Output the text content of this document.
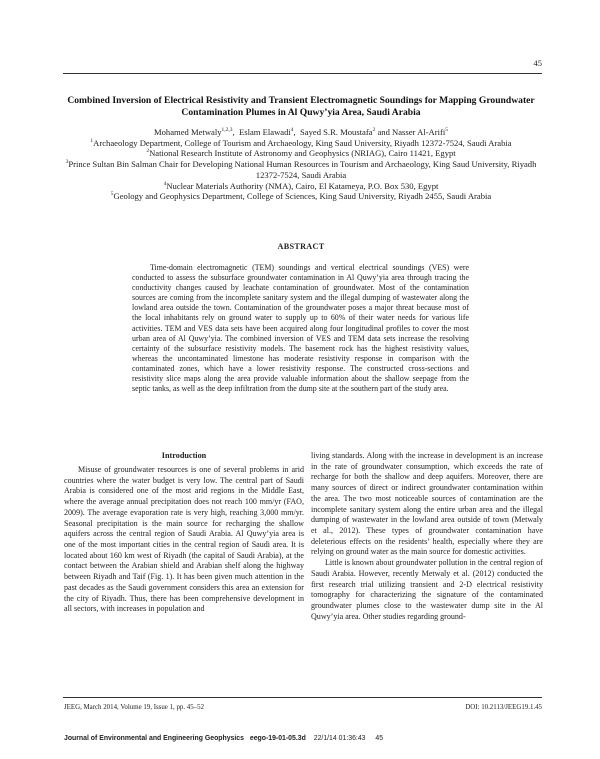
45
Combined Inversion of Electrical Resistivity and Transient Electromagnetic Soundings for Mapping Groundwater Contamination Plumes in Al Quwy’yia Area, Saudi Arabia
Mohamed Metwaly$^{1,2,3}$,  Eslam Elawadi$^4$,  Sayed S.R. Moustafa$^2$ and Nasser Al-Arifi$^5$
$^1$Archaeology Department, College of Tourism and Archaeology, King Saud University, Riyadh 12372-7524, Saudi Arabia
$^2$National Research Institute of Astronomy and Geophysics (NRIAG), Cairo 11421, Egypt
$^3$Prince Sultan Bin Salman Chair for Developing National Human Resources in Tourism and Archaeology, King Saud University, Riyadh 12372-7524, Saudi Arabia
$^4$Nuclear Materials Authority (NMA), Cairo, El Katameya, P.O. Box 530, Egypt
$^5$Geology and Geophysics Department, College of Sciences, King Saud University, Riyadh 2455, Saudi Arabia
ABSTRACT

Time-domain electromagnetic (TEM) soundings and vertical electrical soundings (VES) were conducted to assess the subsurface groundwater contamination in Al Quwy’yia area through tracing the conductivity changes caused by leachate contamination of groundwater. Most of the contamination sources are coming from the incomplete sanitary system and the illegal dumping of wastewater along the lowland area outside the town. Contamination of the groundwater poses a major threat because most of the local inhabitants rely on ground water to supply up to 60% of their water needs for various life activities. TEM and VES data sets have been acquired along four longitudinal profiles to cover the most urban area of Al Quwy’yia. The combined inversion of VES and TEM data sets increase the resolving certainty of the subsurface resistivity models. The basement rock has the highest resistivity values, whereas the uncontaminated limestone has moderate resistivity response in comparison with the contaminated zones, which have a lower resistivity response. The constructed cross-sections and resistivity slice maps along the area provide valuable information about the shallow seepage from the septic tanks, as well as the deep infiltration from the dump site at the southern part of the study area.

Introduction

Misuse of groundwater resources is one of several problems in arid countries where the water budget is very low. The central part of Saudi Arabia is considered one of the most arid regions in the Middle East, where the average annual precipitation does not reach 100 mm/yr (FAO, 2009). The average evaporation rate is very high, reaching 3,000 mm/yr. Seasonal precipitation is the main source for recharging the shallow aquifers across the central region of Saudi Arabia. Al Quwy’yia area is one of the most important cities in the central region of Saudi area. It is located about 160 km west of Riyadh (the capital of Saudi Arabia), at the contact between the Arabian shield and Arabian shelf along the highway between Riyadh and Taif (Fig. 1). It has been given much attention in the past decades as the Saudi government considers this area an extension for the city of Riyadh. Thus, there has been comprehensive development in all sectors, with increases in population and

living standards. Along with the increase in development is an increase in the rate of groundwater consumption, which exceeds the rate of recharge for both the shallow and deep aquifers. Moreover, there are many sources of direct or indirect groundwater contamination within the area. The two most noticeable sources of contamination are the incomplete sanitary system along the entire urban area and the illegal dumping of wastewater in the lowland area outside of town (Metwaly et al., 2012). These types of groundwater contamination have deleterious effects on the residents’ health, especially where they are relying on ground water as the main source for domestic activities.

Little is known about groundwater pollution in the central region of Saudi Arabia. However, recently Metwaly et al. (2012) conducted the first research trial utilizing transient and 2-D electrical resistivity tomography for characterizing the signature of the contaminated groundwater plumes close to the wastewater dump site in the Al Quwy’yia area. Other studies regarding ground-

JEEG, March 2014, Volume 19, Issue 1, pp. 45–52	DOI: 10.2113/JEEG19.1.45
Journal of Environmental and Engineering Geophysics eego-19-01-05.3d 22/1/14 01:36:43 45
